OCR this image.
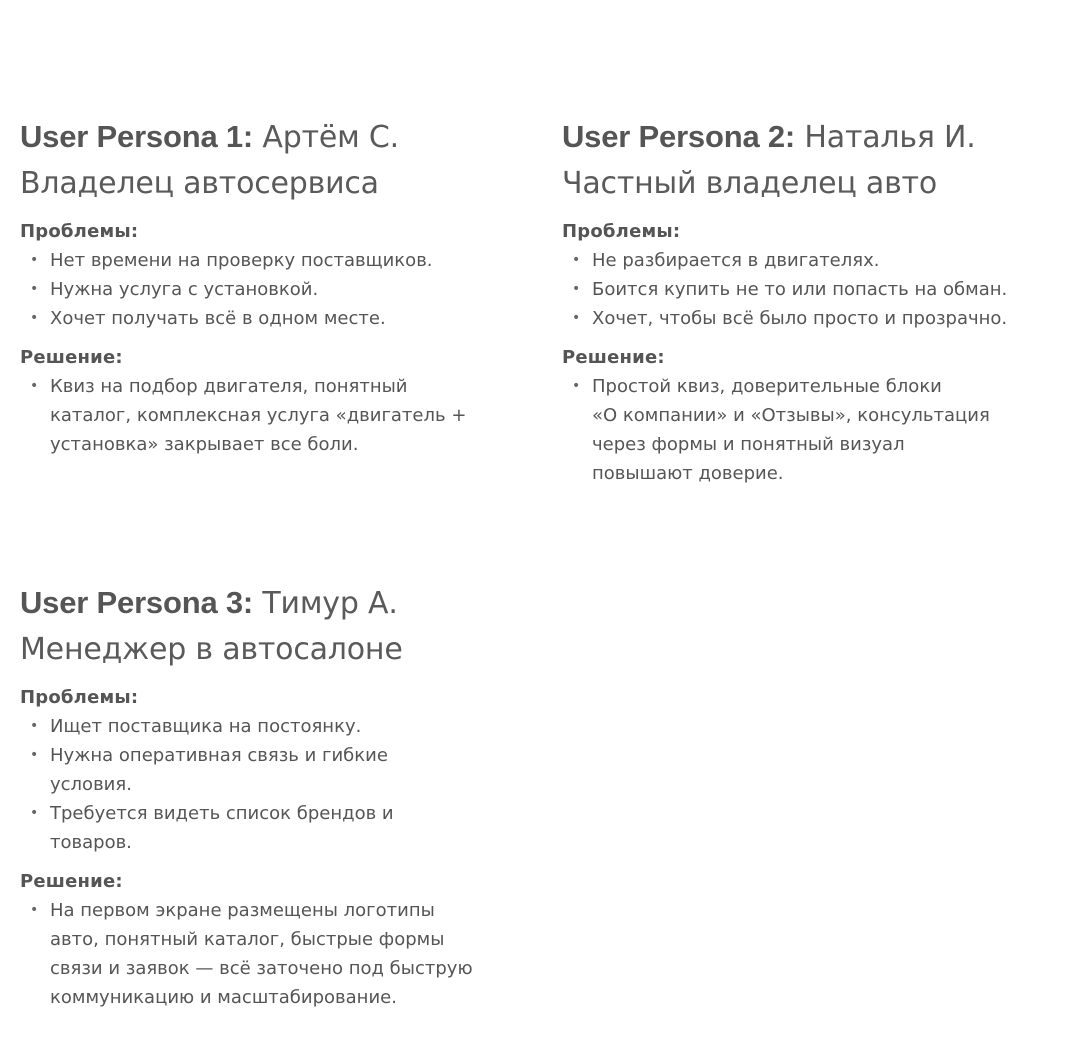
User Persona 1: Артём С.
Владелец автосервиса
Проблемы:
• Нет времени на проверку поставщиков.
• Нужна услуга с установкой.
• Хочет получать всё в одном месте.
Решение:
• Квиз на подбор двигателя, понятный
каталог, комплексная услуга «двигатель +
установка» закрывает все боли.
User Persona 2: Наталья И.
Частный владелец авто
Проблемы:
• Не разбирается в двигателях.
• Боится купить не то или попасть на обман.
• Хочет, чтобы всё было просто и прозрачно.
Решение:
• Простой квиз, доверительные блоки
«О компании» и «Отзывы», консультация
через формы и понятный визуал
повышают доверие.
User Persona 3: Тимур А.
Менеджер в автосалоне
Проблемы:
• Ищет поставщика на постоянку.
• Нужна оперативная связь и гибкие
условия.
• Требуется видеть список брендов и
товаров.
Решение:
• На первом экране размещены логотипы
авто, понятный каталог, быстрые формы
связи и заявок — всё заточено под быструю
коммуникацию и масштабирование.
